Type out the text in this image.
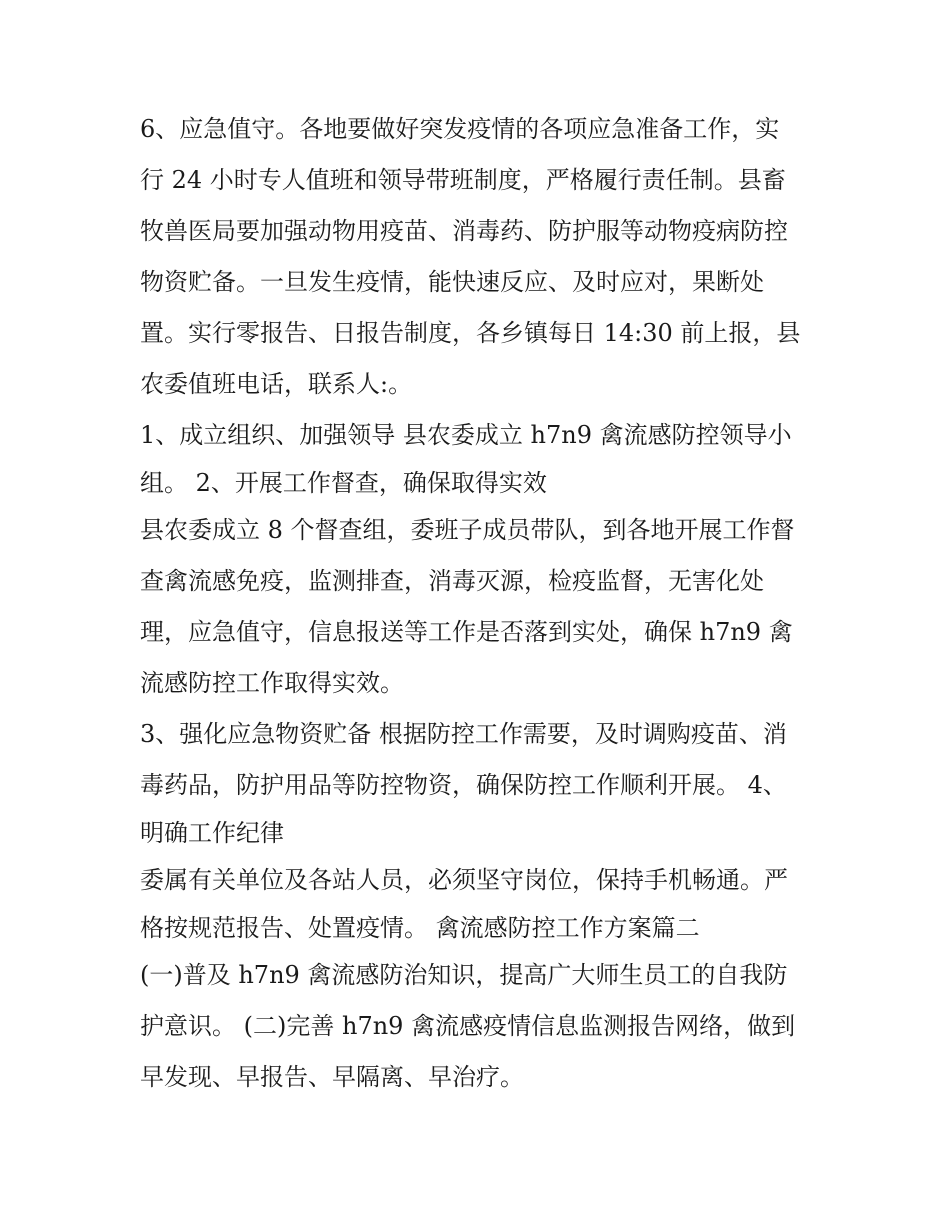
6、应急值守。各地要做好突发疫情的各项应急准备工作，实
行 24 小时专人值班和领导带班制度，严格履行责任制。县畜
牧兽医局要加强动物用疫苗、消毒药、防护服等动物疫病防控
物资贮备。一旦发生疫情，能快速反应、及时应对，果断处
置。实行零报告、日报告制度，各乡镇每日 14:30 前上报，县
农委值班电话，联系人:。
1、成立组织、加强领导 县农委成立 h7n9 禽流感防控领导小
组。 2、开展工作督查，确保取得实效
县农委成立 8 个督查组，委班子成员带队，到各地开展工作督
查禽流感免疫，监测排查，消毒灭源，检疫监督，无害化处
理，应急值守，信息报送等工作是否落到实处，确保 h7n9 禽
流感防控工作取得实效。
3、强化应急物资贮备 根据防控工作需要，及时调购疫苗、消
毒药品，防护用品等防控物资，确保防控工作顺利开展。 4、
明确工作纪律
委属有关单位及各站人员，必须坚守岗位，保持手机畅通。严
格按规范报告、处置疫情。 禽流感防控工作方案篇二
(一)普及 h7n9 禽流感防治知识，提高广大师生员工的自我防
护意识。 (二)完善 h7n9 禽流感疫情信息监测报告网络，做到
早发现、早报告、早隔离、早治疗。
